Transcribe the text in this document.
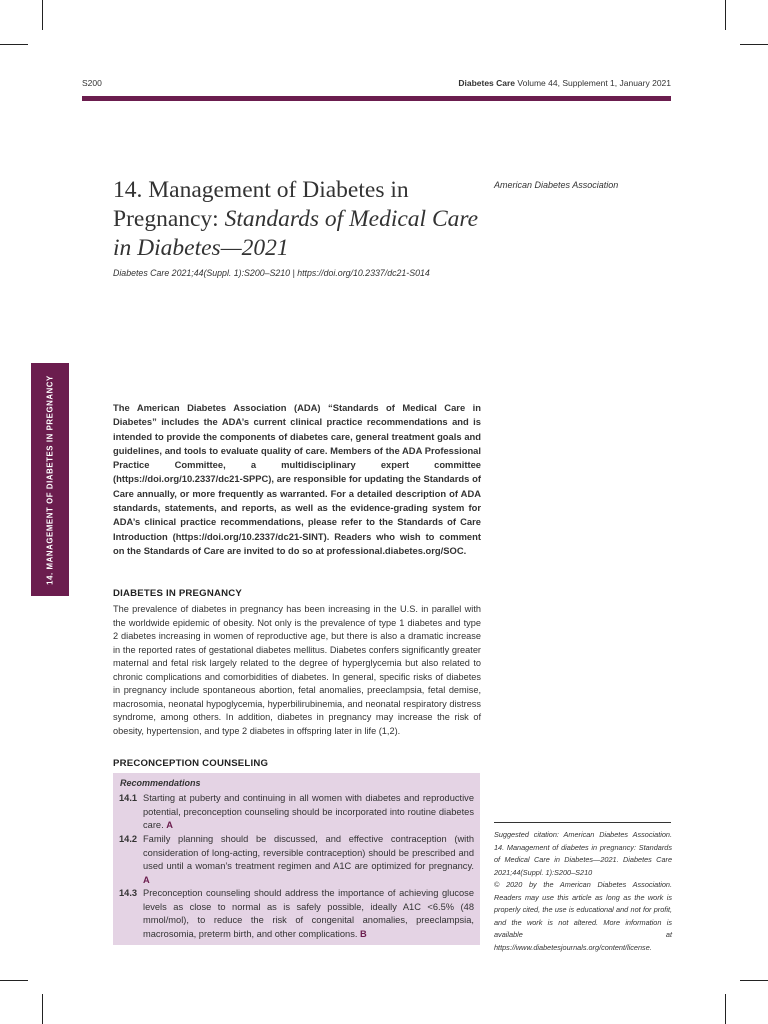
S200	Diabetes Care Volume 44, Supplement 1, January 2021
14. Management of Diabetes in Pregnancy: Standards of Medical Care in Diabetes—2021
Diabetes Care 2021;44(Suppl. 1):S200–S210 | https://doi.org/10.2337/dc21-S014
American Diabetes Association
14. MANAGEMENT OF DIABETES IN PREGNANCY	The American Diabetes Association (ADA) “Standards of Medical Care in Diabetes” includes the ADA’s current clinical practice recommendations and is intended to provide the components of diabetes care, general treatment goals and guidelines, and tools to evaluate quality of care. Members of the ADA Professional Practice Committee, a multidisciplinary expert committee (https://doi.org/10.2337/dc21-SPPC), are responsible for updating the Standards of Care annually, or more frequently as warranted. For a detailed description of ADA standards, statements, and reports, as well as the evidence-grading system for ADA’s clinical practice recommendations, please refer to the Standards of Care Introduction (https://doi.org/10.2337/dc21-SINT). Readers who wish to comment on the Standards of Care are invited to do so at professional.diabetes.org/SOC.

DIABETES IN PREGNANCY

The prevalence of diabetes in pregnancy has been increasing in the U.S. in parallel with the worldwide epidemic of obesity. Not only is the prevalence of type 1 diabetes and type 2 diabetes increasing in women of reproductive age, but there is also a dramatic increase in the reported rates of gestational diabetes mellitus. Diabetes confers significantly greater maternal and fetal risk largely related to the degree of hyperglycemia but also related to chronic complications and comorbidities of diabetes. In general, specific risks of diabetes in pregnancy include spontaneous abortion, fetal anomalies, preeclampsia, fetal demise, macrosomia, neonatal hypoglycemia, hyperbilirubinemia, and neonatal respiratory distress syndrome, among others. In addition, diabetes in pregnancy may increase the risk of obesity, hypertension, and type 2 diabetes in offspring later in life (1,2).

PRECONCEPTION COUNSELING
Recommendations
14.1 Starting at puberty and continuing in all women with diabetes and reproductive potential, preconception counseling should be incorporated into routine diabetes care. A
14.2 Family planning should be discussed, and effective contraception (with consideration of long-acting, reversible contraception) should be prescribed and used until a woman’s treatment regimen and A1C are optimized for pregnancy. A
14.3 Preconception counseling should address the importance of achieving glucose levels as close to normal as is safely possible, ideally A1C <6.5% (48 mmol/mol), to reduce the risk of congenital anomalies, preeclampsia, macrosomia, preterm birth, and other complications. B

Suggested citation: American Diabetes Association. 14. Management of diabetes in pregnancy: Standards of Medical Care in Diabetes—2021. Diabetes Care 2021;44(Suppl. 1):S200–S210

© 2020 by the American Diabetes Association. Readers may use this article as long as the work is properly cited, the use is educational and not for profit, and the work is not altered. More information is available at https://www.diabetesjournals.org/content/license.
